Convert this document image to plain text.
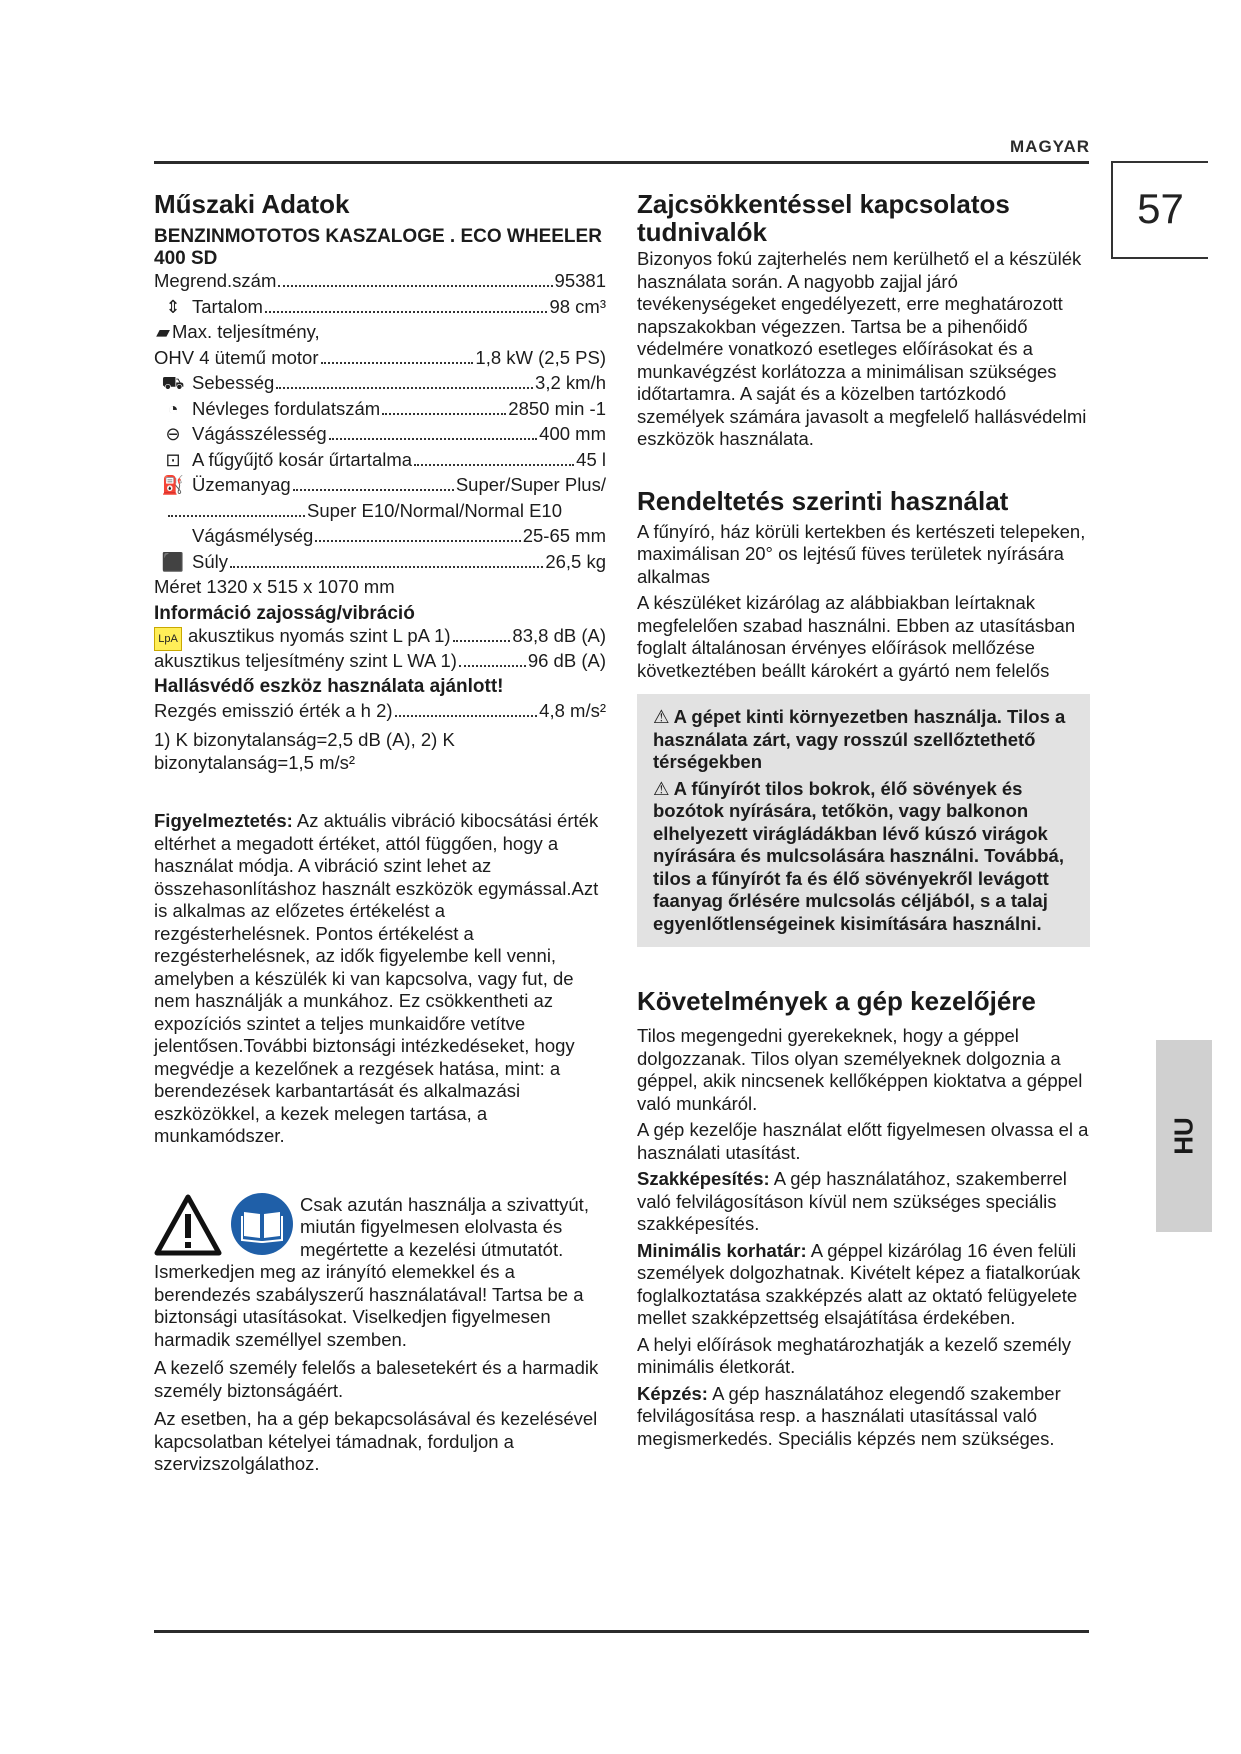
MAGYAR
57
HU
Műszaki Adatok
BENZINMOTOTOS KASZALOGE . ECO WHEELER 400 SD
Megrend.szám	95381
⇕ Tartalom	98 cm³
▰ Max. teljesítmény,
OHV 4 ütemű motor	1,8 kW (2,5 PS)
⛟ Sebesség	3,2 km/h
◔ Névleges fordulatszám	2850 min -1
⊖ Vágásszélesség	400 mm
⊡ A fűgyűjtő kosár űrtartalma	45 l
⛽ Üzemanyag	Super/Super Plus/
Super E10/Normal/Normal E10
Vágásmélység	25-65 mm
⬛ Súly	26,5 kg

Méret 1320 x 515 x 1070 mm

Információ zajosság/vibráció
LpA akusztikus nyomás szint L pA 1)	83,8 dB (A)
akusztikus teljesítmény szint L WA 1)	96 dB (A)
Hallásvédő eszköz használata ajánlott!
Rezgés emisszió érték a h 2)	4,8 m/s²

1) K bizonytalanság=2,5 dB (A), 2) K bizonytalanság=1,5 m/s²

Figyelmeztetés: Az aktuális vibráció kibocsátási érték eltérhet a megadott értéket, attól függően, hogy a használat módja. A vibráció szint lehet az összehasonlításhoz használt eszközök egymással.Azt is alkalmas az előzetes értékelést a rezgésterhelésnek. Pontos értékelést a rezgésterhelésnek, az idők figyelembe kell venni, amelyben a készülék ki van kapcsolva, vagy fut, de nem használják a munkához. Ez csökkentheti az expozíciós szintet a teljes munkaidőre vetítve jelentősen.További biztonsági intézkedéseket, hogy megvédje a kezelőnek a rezgések hatása, mint: a berendezések karbantartását és alkalmazási eszközökkel, a kezek melegen tartása, a munkamódszer.

Csak azután használja a szivattyút, miután figyelmesen elolvasta és megértette a kezelési útmutatót.

Ismerkedjen meg az irányító elemekkel és a berendezés szabályszerű használatával! Tartsa be a biztonsági utasításokat. Viselkedjen figyelmesen harmadik személlyel szemben.

A kezelő személy felelős a balesetekért és a harmadik személy biztonságáért.

Az esetben, ha a gép bekapcsolásával és kezelésével kapcsolatban kételyei támadnak, forduljon a szervizszolgálathoz.

Zajcsökkentéssel kapcsolatos tudnivalók

Bizonyos fokú zajterhelés nem kerülhető el a készülék használata során. A nagyobb zajjal járó tevékenységeket engedélyezett, erre meghatározott napszakokban végezzen. Tartsa be a pihenőidő védelmére vonatkozó esetleges előírásokat és a munkavégzést korlátozza a minimálisan szükséges időtartamra. A saját és a közelben tartózkodó személyek számára javasolt a megfelelő hallásvédelmi eszközök használata.

Rendeltetés szerinti használat

A fűnyíró, ház körüli kertekben és kertészeti telepeken, maximálisan 20° os lejtésű füves területek nyírására alkalmas

A készüléket kizárólag az alábbiakban leírtaknak megfelelően szabad használni. Ebben az utasításban foglalt általánosan érvényes előírások mellőzése következtében beállt károkért a gyártó nem felelős

⚠ A gépet kinti környezetben használja. Tilos a használata zárt, vagy rosszúl szellőztethető térségekben

⚠ A fűnyírót tilos bokrok, élő sövények és bozótok nyírására, tetőkön, vagy balkonon elhelyezett virágládákban lévő kúszó virágok nyírására és mulcsolására használni. Továbbá, tilos a fűnyírót fa és élő sövényekről levágott faanyag őrlésére mulcsolás céljából, s a talaj egyenlőtlenségeinek kisimítására használni.

Követelmények a gép kezelőjére

Tilos megengedni gyerekeknek, hogy a géppel dolgozzanak. Tilos olyan személyeknek dolgoznia a géppel, akik nincsenek kellőképpen kioktatva a géppel való munkáról.

A gép kezelője használat előtt figyelmesen olvassa el a használati utasítást.

Szakképesítés: A gép használatához, szakemberrel való felvilágosításon kívül nem szükséges speciális szakképesítés.

Minimális korhatár: A géppel kizárólag 16 éven felüli személyek dolgozhatnak. Kivételt képez a fiatalkorúak foglalkoztatása szakképzés alatt az oktató felügyelete mellet szakképzettség elsajátítása érdekében.

A helyi előírások meghatározhatják a kezelő személy minimális életkorát.

Képzés: A gép használatához elegendő szakember felvilágosítása resp. a használati utasítással való megismerkedés. Speciális képzés nem szükséges.
